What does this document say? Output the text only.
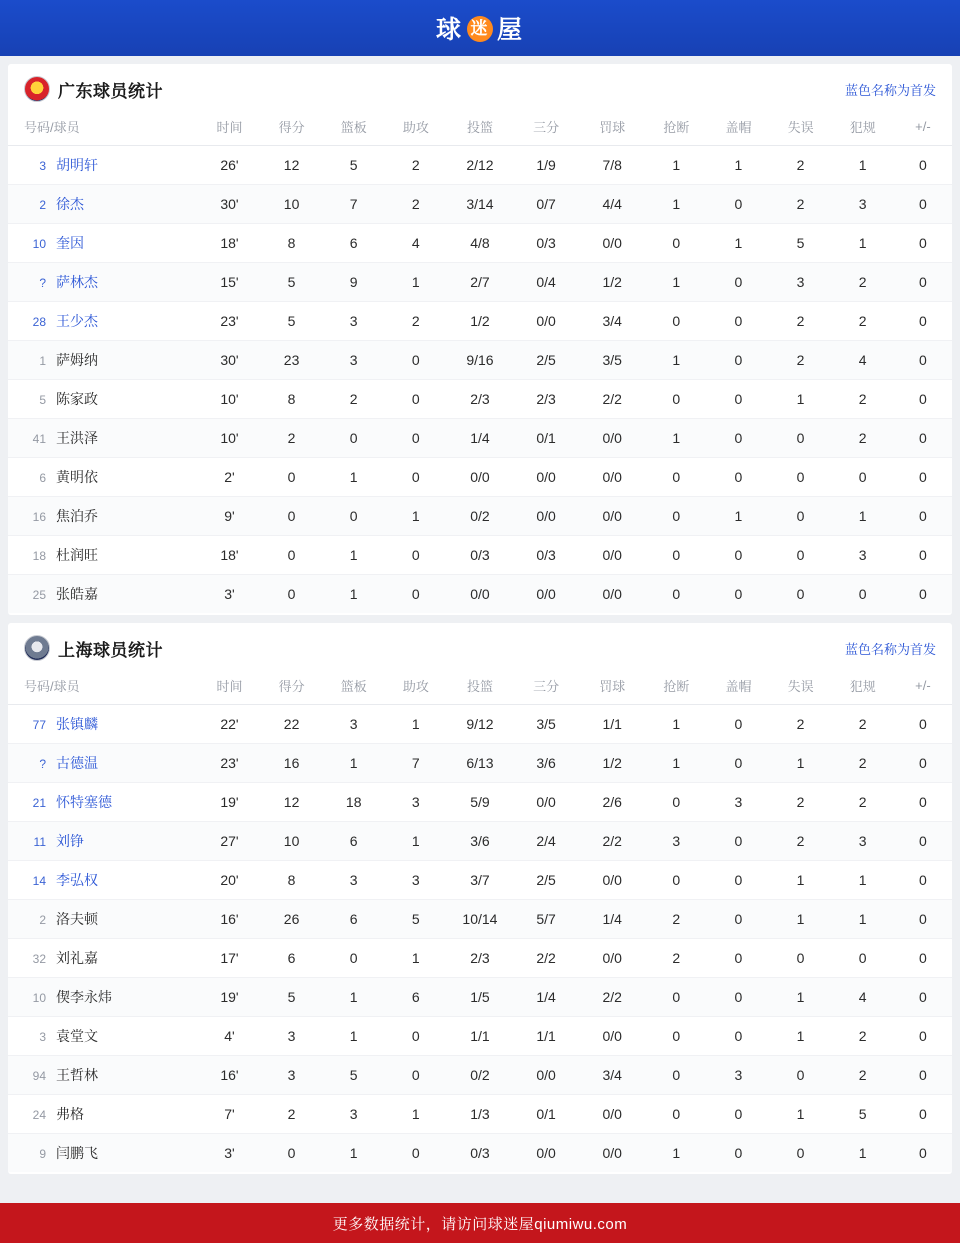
球 迷 屋
广东球员统计	蓝色名称为首发
号码/球员	时间	得分	篮板	助攻	投篮	三分	罚球	抢断	盖帽	失误	犯规	+/-
3 胡明轩	26'	12	5	2	2/12	1/9	7/8	1	1	2	1	0
2 徐杰	30'	10	7	2	3/14	0/7	4/4	1	0	2	3	0
10 奎因	18'	8	6	4	4/8	0/3	0/0	0	1	5	1	0
? 萨林杰	15'	5	9	1	2/7	0/4	1/2	1	0	3	2	0
28 王少杰	23'	5	3	2	1/2	0/0	3/4	0	0	2	2	0
1 萨姆纳	30'	23	3	0	9/16	2/5	3/5	1	0	2	4	0
5 陈家政	10'	8	2	0	2/3	2/3	2/2	0	0	1	2	0
41 王洪泽	10'	2	0	0	1/4	0/1	0/0	1	0	0	2	0
6 黄明依	2'	0	1	0	0/0	0/0	0/0	0	0	0	0	0
16 焦泊乔	9'	0	0	1	0/2	0/0	0/0	0	1	0	1	0
18 杜润旺	18'	0	1	0	0/3	0/3	0/0	0	0	0	3	0
25 张皓嘉	3'	0	1	0	0/0	0/0	0/0	0	0	0	0	0
上海球员统计	蓝色名称为首发
号码/球员	时间	得分	篮板	助攻	投篮	三分	罚球	抢断	盖帽	失误	犯规	+/-
77 张镇麟	22'	22	3	1	9/12	3/5	1/1	1	0	2	2	0
? 古德温	23'	16	1	7	6/13	3/6	1/2	1	0	1	2	0
21 怀特塞德	19'	12	18	3	5/9	0/0	2/6	0	3	2	2	0
11 刘铮	27'	10	6	1	3/6	2/4	2/2	3	0	2	3	0
14 李弘权	20'	8	3	3	3/7	2/5	0/0	0	0	1	1	0
2 洛夫顿	16'	26	6	5	10/14	5/7	1/4	2	0	1	1	0
32 刘礼嘉	17'	6	0	1	2/3	2/2	0/0	2	0	0	0	0
10 偰李永炜	19'	5	1	6	1/5	1/4	2/2	0	0	1	4	0
3 袁堂文	4'	3	1	0	1/1	1/1	0/0	0	0	1	2	0
94 王哲林	16'	3	5	0	0/2	0/0	3/4	0	3	0	2	0
24 弗格	7'	2	3	1	1/3	0/1	0/0	0	0	1	5	0
9 闫鹏飞	3'	0	1	0	0/3	0/0	0/0	1	0	0	1	0
更多数据统计，请访问球迷屋qiumiwu.com
